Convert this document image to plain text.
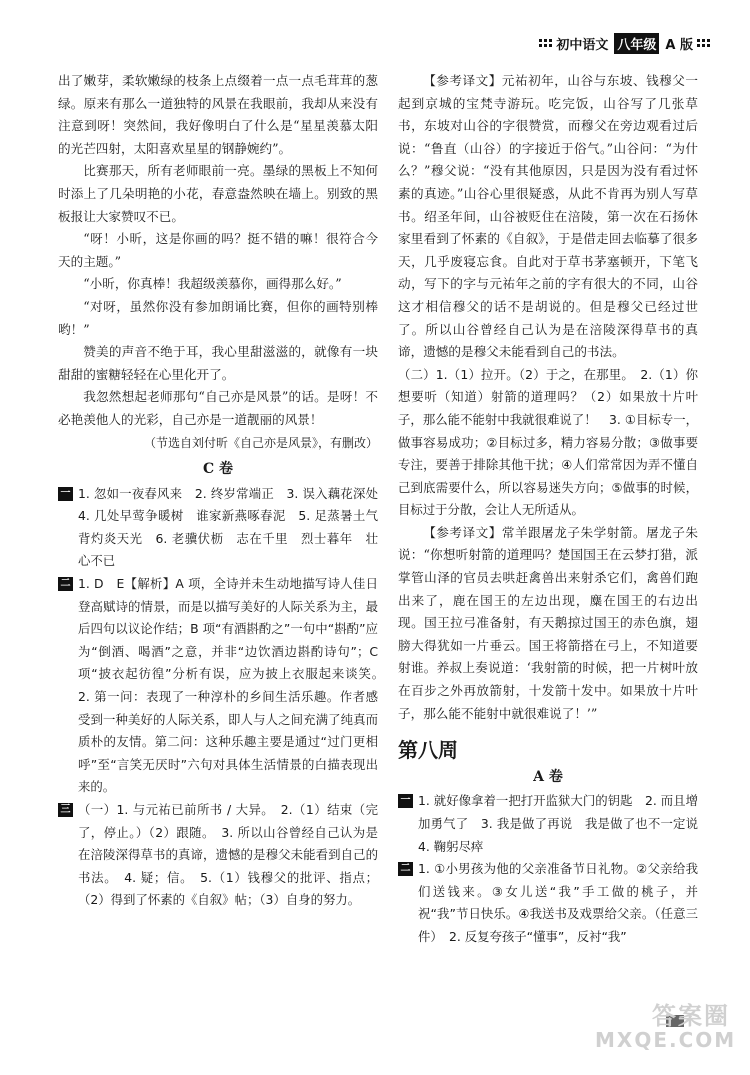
初中语文 八年级 A 版

出了嫩芽，柔软嫩绿的枝条上点缀着一点一点毛茸茸的葱绿。原来有那么一道独特的风景在我眼前，我却从来没有注意到呀！突然间，我好像明白了什么是“星星羡慕太阳的光芒四射，太阳喜欢星星的钢静婉约”。

比赛那天，所有老师眼前一亮。墨绿的黑板上不知何时添上了几朵明艳的小花，春意盎然映在墙上。别致的黑板报让大家赞叹不已。

“呀！小昕，这是你画的吗？挺不错的嘛！很符合今天的主题。”

“小昕，你真棒！我超级羡慕你，画得那么好。”

“对呀，虽然你没有参加朗诵比赛，但你的画特别棒哟！”

赞美的声音不绝于耳，我心里甜滋滋的，就像有一块甜甜的蜜糖轻轻在心里化开了。

我忽然想起老师那句“自己亦是风景”的话。是呀！不必艳羡他人的光彩，自己亦是一道靓丽的风景！

（节选自刘付昕《自己亦是风景》，有删改）

C 卷

一 1. 忽如一夜春风来　2. 终岁常端正　3. 误入藕花深处　4. 几处早莺争暖树　谁家新燕啄春泥　5. 足蒸暑土气　背灼炎天光　6. 老骥伏枥　志在千里　烈士暮年　壮心不已

二 1. D　E【解析】A 项，全诗并未生动地描写诗人佳日登高赋诗的情景，而是以描写美好的人际关系为主，最后四句以议论作结；B 项“有酒斟酌之”一句中“斟酌”应为“倒酒、喝酒”之意，并非“边饮酒边斟酌诗句”；C 项“披衣起彷徨”分析有误，应为披上衣服起来谈笑。　2. 第一问：表现了一种淳朴的乡间生活乐趣。作者感受到一种美好的人际关系，即人与人之间充满了纯真而质朴的友情。第二问：这种乐趣主要是通过“过门更相呼”至“言笑无厌时”六句对具体生活情景的白描表现出来的。

三 （一）1. 与元祐已前所书 / 大异。　2.（1）结束（完了，停止。）（2）跟随。　3. 所以山谷曾经自己认为是在涪陵深得草书的真谛，遗憾的是穆父未能看到自己的书法。　4. 疑；信。　5.（1）钱穆父的批评、指点；（2）得到了怀素的《自叙》帖；（3）自身的努力。

【参考译文】元祐初年，山谷与东坡、钱穆父一起到京城的宝梵寺游玩。吃完饭，山谷写了几张草书，东坡对山谷的字很赞赏，而穆父在旁边观看过后说：“鲁直（山谷）的字接近于俗气。”山谷问：“为什么？”穆父说：“没有其他原因，只是因为没有看过怀素的真迹。”山谷心里很疑惑，从此不肯再为别人写草书。绍圣年间，山谷被贬住在涪陵，第一次在石扬休家里看到了怀素的《自叙》，于是借走回去临摹了很多天，几乎废寝忘食。自此对于草书茅塞顿开，下笔飞动，写下的字与元祐年之前的字有很大的不同，山谷这才相信穆父的话不是胡说的。但是穆父已经过世了。所以山谷曾经自己认为是在涪陵深得草书的真谛，遗憾的是穆父未能看到自己的书法。

（二）1.（1）拉开。（2）于之，在那里。　2.（1）你想要听（知道）射箭的道理吗？（2）如果放十片叶子，那么能不能射中我就很难说了！　3. ①目标专一，做事容易成功；②目标过多，精力容易分散；③做事要专注，要善于排除其他干扰；④人们常常因为弄不懂自己到底需要什么，所以容易迷失方向；⑤做事的时候，目标过于分散，会让人无所适从。

【参考译文】常羊跟屠龙子朱学射箭。屠龙子朱说：“你想听射箭的道理吗？楚国国王在云梦打猎，派掌管山泽的官员去哄赶禽兽出来射杀它们，禽兽们跑出来了，鹿在国王的左边出现，麋在国王的右边出现。国王拉弓准备射，有天鹅掠过国王的赤色旗，翅膀大得犹如一片垂云。国王将箭搭在弓上，不知道要射谁。养叔上奏说道：‘我射箭的时候，把一片树叶放在百步之外再放箭射，十发箭十发中。如果放十片叶子，那么能不能射中就很难说了！’”

第八周
A 卷

一 1. 就好像拿着一把打开监狱大门的钥匙　2. 而且增加勇气了　3. 我是做了再说　我是做了也不一定说　4. 鞠躬尽瘁

二 1. ①小男孩为他的父亲准备节日礼物。②父亲给我们送钱来。③女儿送“我”手工做的桃子，并祝“我”节日快乐。④我送书及戏票给父亲。（任意三件）　2. 反复夸孩子“懂事”，反衬“我”

答案圈
MXQE.COM
